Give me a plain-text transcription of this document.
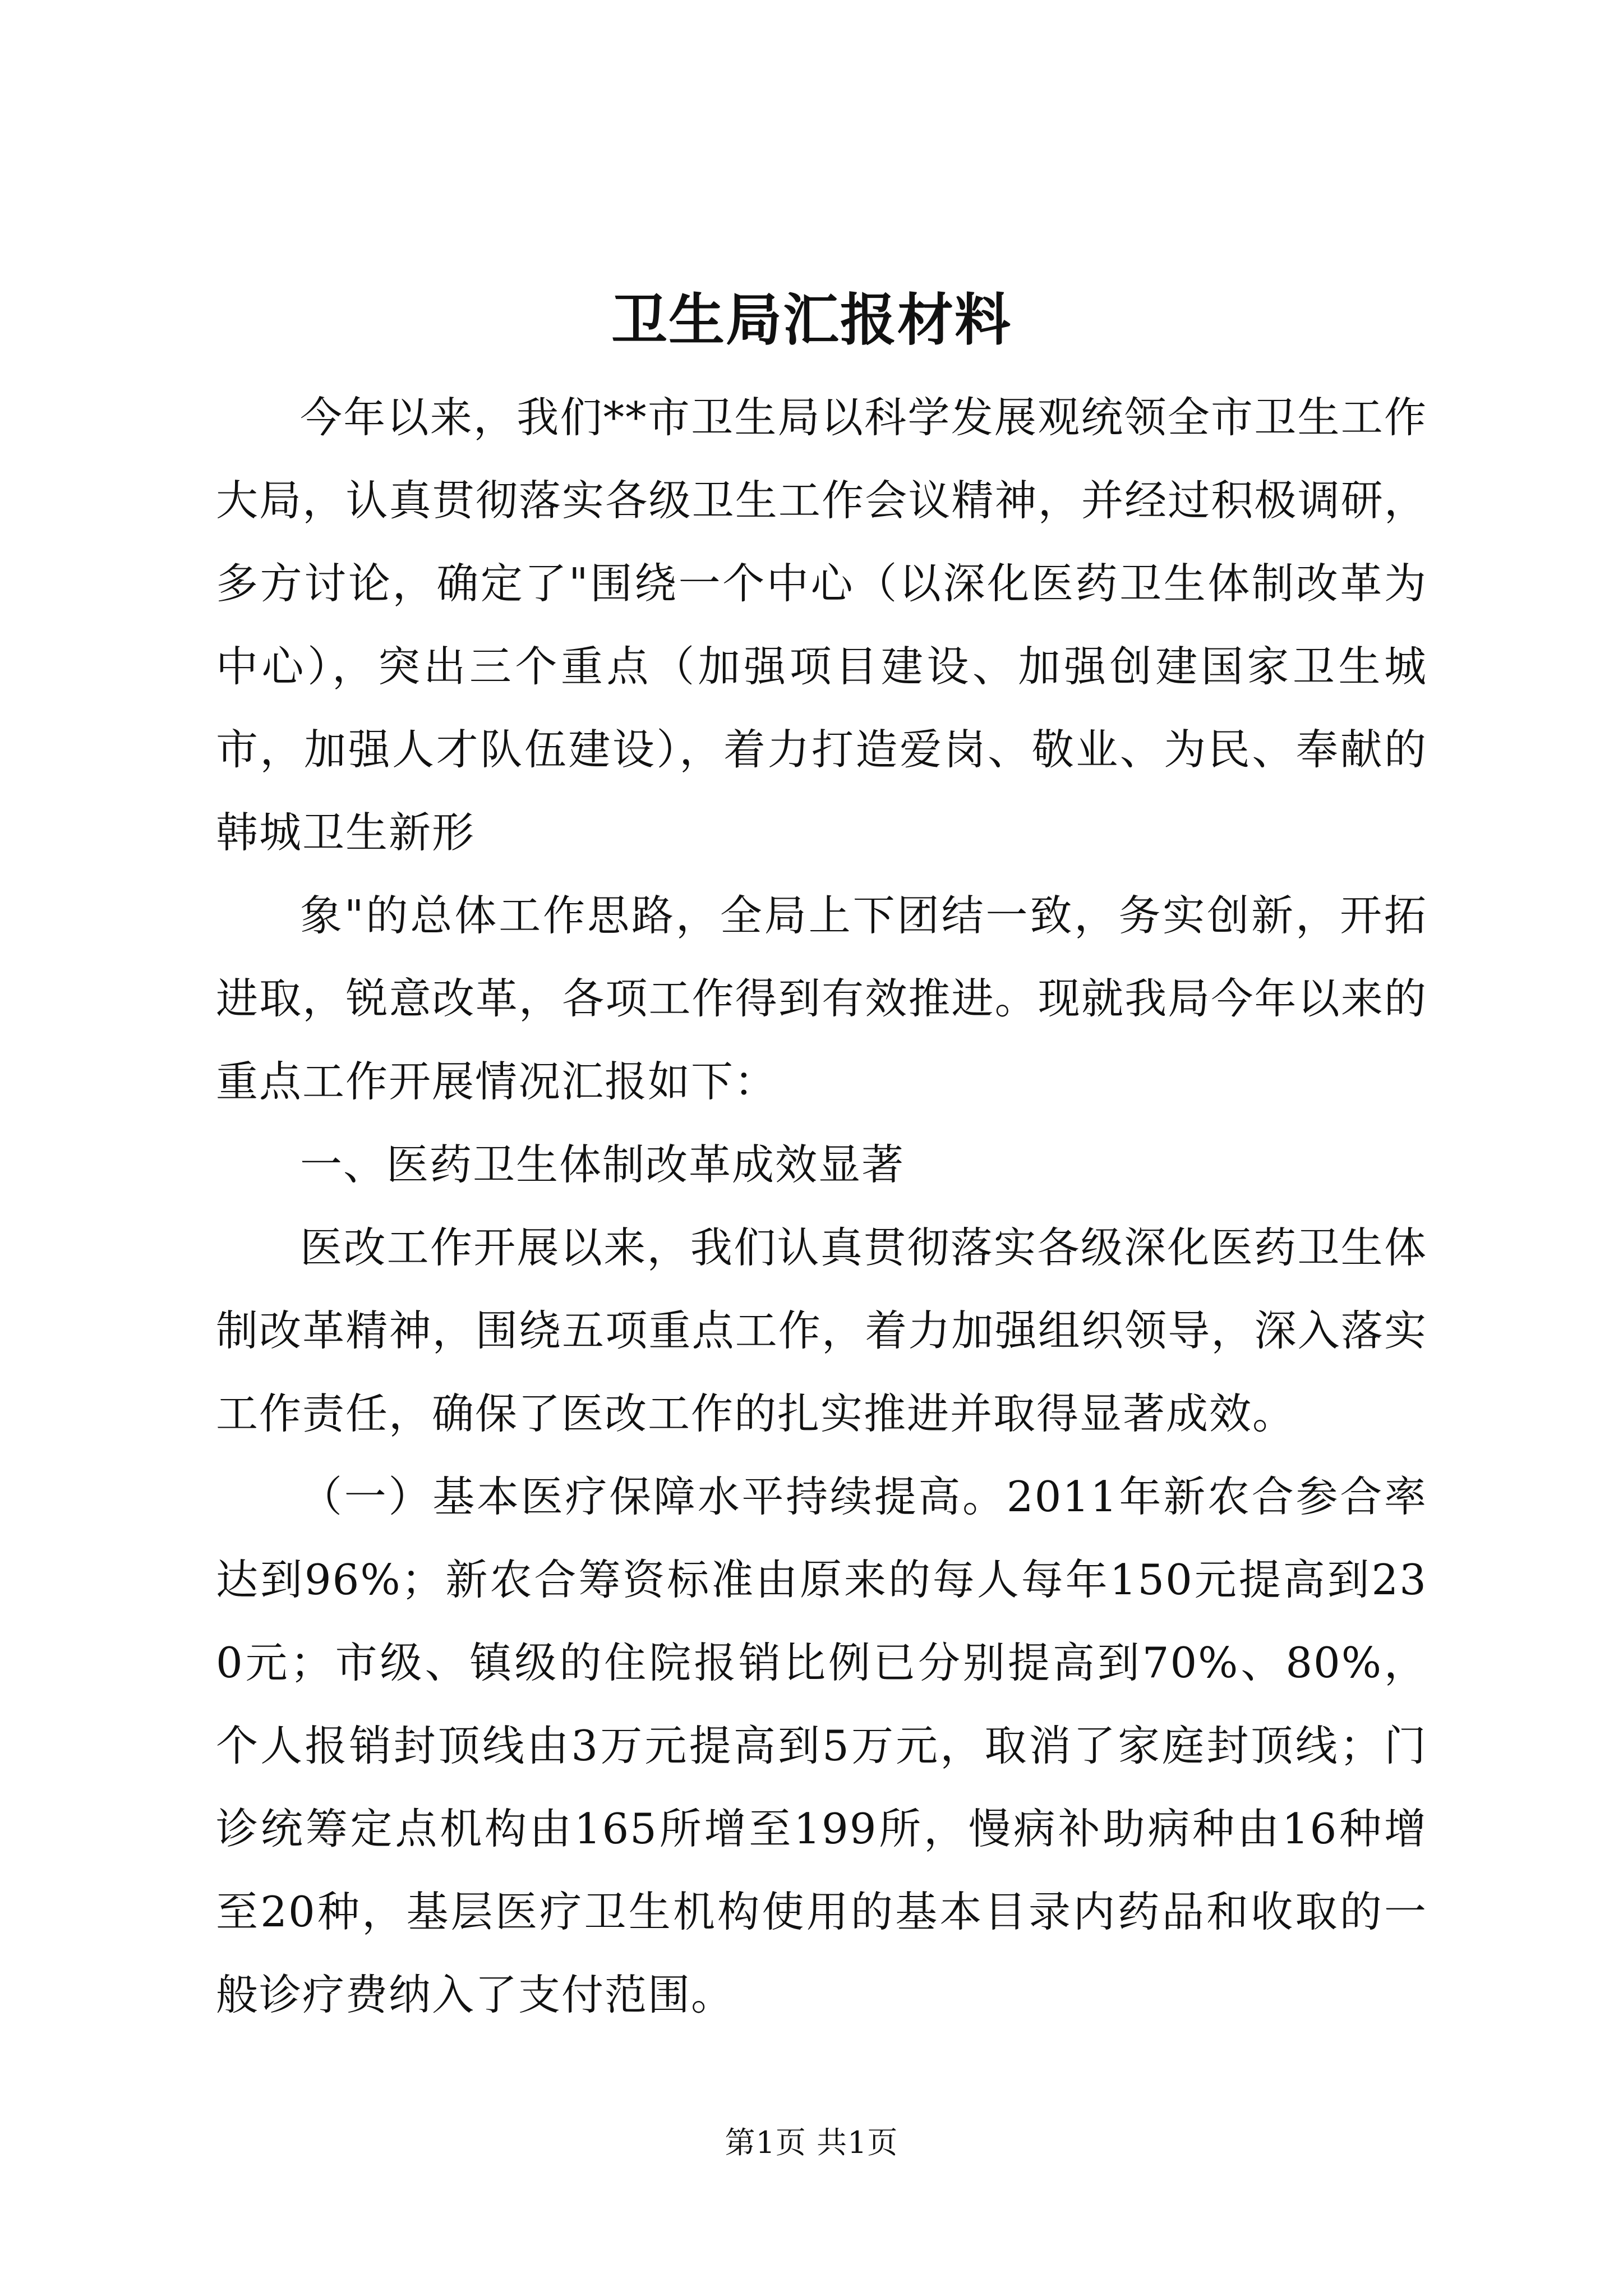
卫生局汇报材料

今年以来，我们**市卫生局以科学发展观统领全市卫生工作大局，认真贯彻落实各级卫生工作会议精神，并经过积极调研，多方讨论，确定了"围绕一个中心（以深化医药卫生体制改革为中心），突出三个重点（加强项目建设、加强创建国家卫生城市，加强人才队伍建设），着力打造爱岗、敬业、为民、奉献的韩城卫生新形

象"的总体工作思路，全局上下团结一致，务实创新，开拓进取，锐意改革，各项工作得到有效推进。现就我局今年以来的重点工作开展情况汇报如下：

一、医药卫生体制改革成效显著

医改工作开展以来，我们认真贯彻落实各级深化医药卫生体制改革精神，围绕五项重点工作，着力加强组织领导，深入落实工作责任，确保了医改工作的扎实推进并取得显著成效。

（一）基本医疗保障水平持续提高。2011年新农合参合率达到96%；新农合筹资标准由原来的每人每年150元提高到230元；市级、镇级的住院报销比例已分别提高到70%、80%，个人报销封顶线由3万元提高到5万元，取消了家庭封顶线；门诊统筹定点机构由165所增至199所，慢病补助病种由16种增至20种，基层医疗卫生机构使用的基本目录内药品和收取的一般诊疗费纳入了支付范围。

第1页 共1页
